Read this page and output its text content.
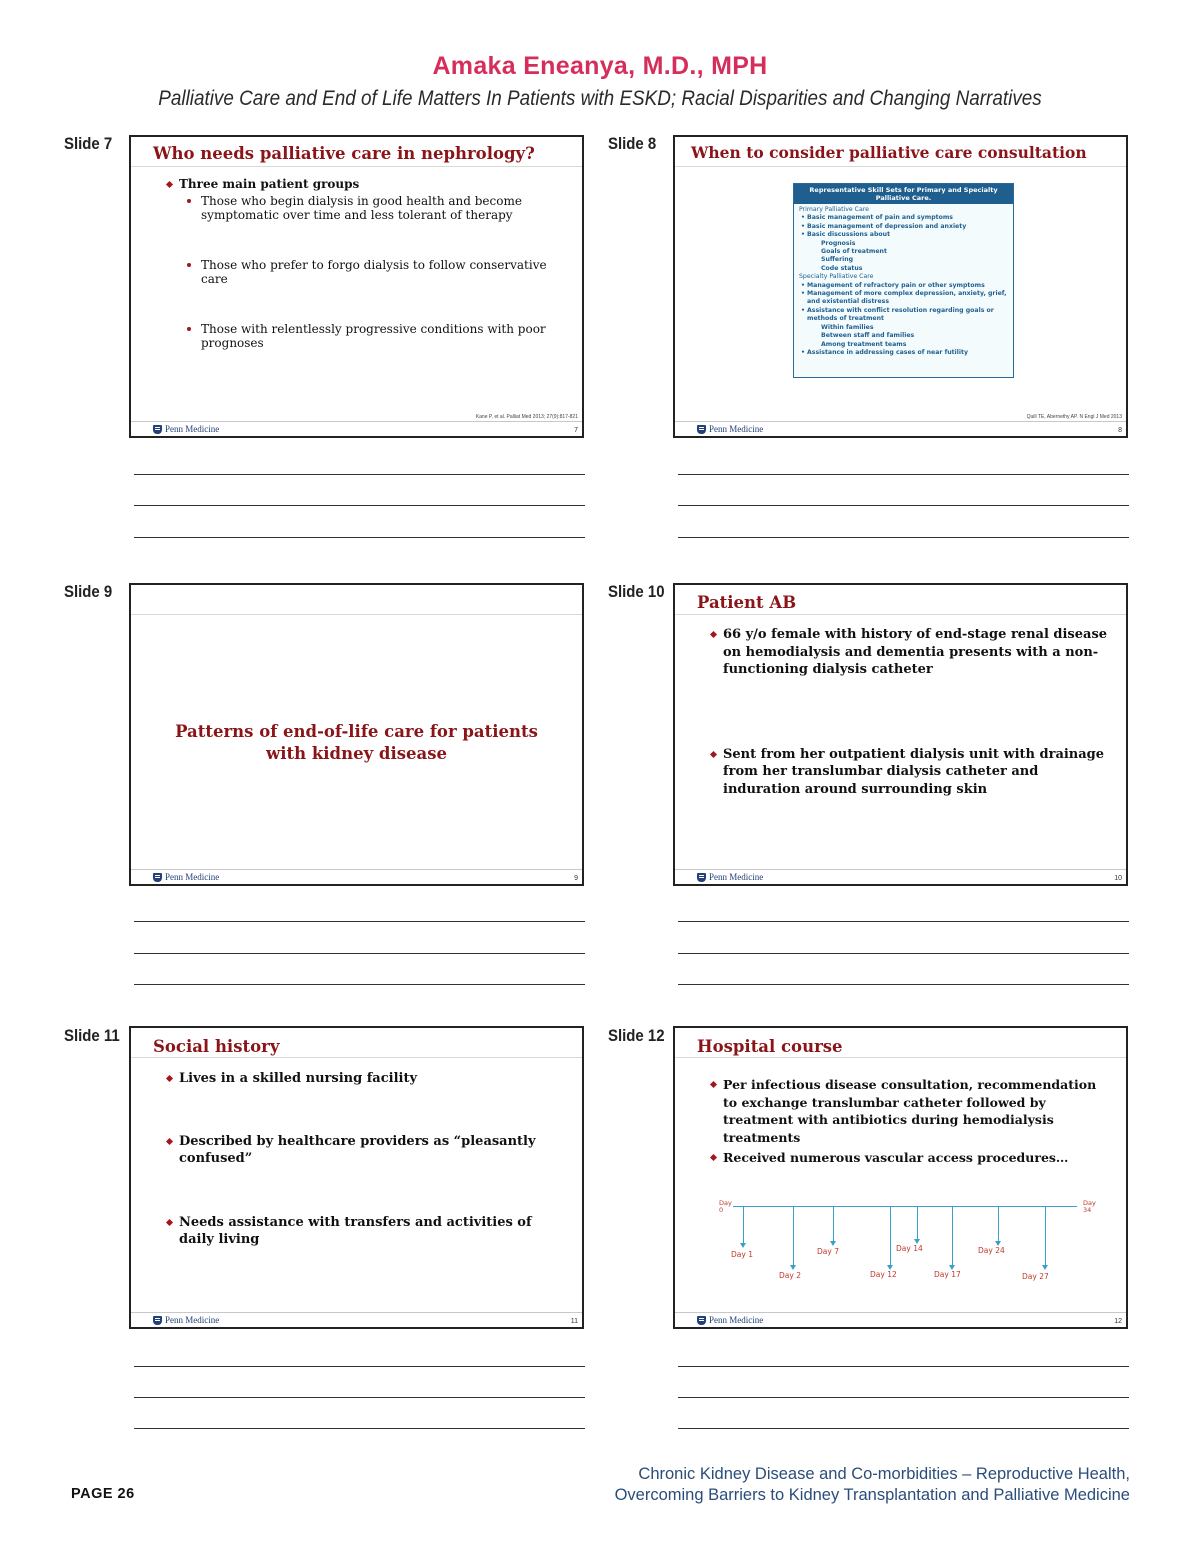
Amaka Eneanya, M.D., MPH
Palliative Care and End of Life Matters In Patients with ESKD; Racial Disparities and Changing Narratives
Slide 7
Who needs palliative care in nephrology?
Three main patient groups
Those who begin dialysis in good health and become symptomatic over time and less tolerant of therapy
Those who prefer to forgo dialysis to follow conservative care
Those with relentlessly progressive conditions with poor prognoses
Kane P, et al. Palliat Med 2013; 27(9):817-821
Penn Medicine	7
Slide 8 When to consider palliative care consultation
Representative Skill Sets for Primary and Specialty Palliative Care.
Primary Palliative Care
• Basic management of pain and symptoms
• Basic management of depression and anxiety
• Basic discussions about
Prognosis
Goals of treatment
Suffering
Code status
Specialty Palliative Care
• Management of refractory pain or other symptoms
• Management of more complex depression, anxiety, grief, and existential distress
• Assistance with conflict resolution regarding goals or methods of treatment
Within families
Between staff and families
Among treatment teams
• Assistance in addressing cases of near futility
Quill TE, Abernethy AP. N Engl J Med 2013
Penn Medicine	8
Slide 9
Patterns of end-of-life care for patients
with kidney disease
Penn Medicine	9
Slide 10
Patient AB
66 y/o female with history of end-stage renal disease on hemodialysis and dementia presents with a non-functioning dialysis catheter
Sent from her outpatient dialysis unit with drainage from her translumbar dialysis catheter and induration around surrounding skin
Penn Medicine	10
Slide 11
Social history
Lives in a skilled nursing facility
Described by healthcare providers as “pleasantly confused”
Needs assistance with transfers and activities of daily living
Penn Medicine	11
Slide 12
Hospital course
Per infectious disease consultation, recommendation to exchange translumbar catheter followed by treatment with antibiotics during hemodialysis treatments
Received numerous vascular access procedures…
Day
0
Day
34
Day 1
Day 2
Day 7
Day 12
Day 14
Day 17
Day 24
Day 27
Penn Medicine	12
PAGE 26
Chronic Kidney Disease and Co-morbidities – Reproductive Health,
Overcoming Barriers to Kidney Transplantation and Palliative Medicine
